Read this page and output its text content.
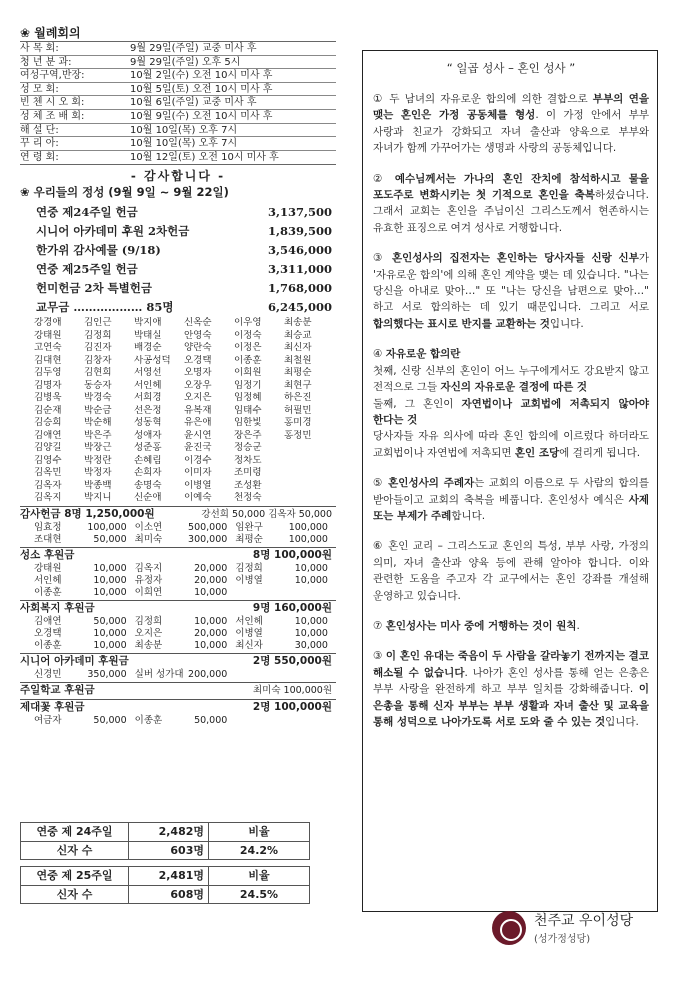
❀ 월례회의
사 목 회:	9월 29일(주일) 교중 미사 후
청 년 분 과:	9월 29일(주일) 오후 5시
여성구역,반장:	10월 2일(수) 오전 10시 미사 후
성 모 회:	10월 5일(토) 오전 10시 미사 후
빈 첸 시 오 회:	10월 6일(주일) 교중 미사 후
성 체 조 배 회:	10월 9일(수) 오전 10시 미사 후
해 설 단:	10월 10일(목) 오후 7시
꾸 리 아:	10월 10일(목) 오후 7시
연 령 회:	10월 12일(토) 오전 10시 미사 후
- 감사합니다 -
❀ 우리들의 정성 (9월 9일 ~ 9월 22일)
연중 제24주일 헌금	3,137,500
시니어 아카데미 후원 2차헌금	1,839,500
한가위 감사예물 (9/18)	3,546,000
연중 제25주일 헌금	3,311,000
헌미헌금 2차 특별헌금	1,768,000
교무금 ……………… 85명	6,245,000
강경애	김인근	박지애	신옥순	이우영	최송분
강태원	김정희	박태실	안영숙	이정숙	최승교
고연숙	김진자	배경순	양란숙	이정은	최신자
김대현	김창자	사공성덕	오경택	이종훈	최철원
김두영	김현희	서영선	오명자	이희원	최평순
김명자	동승자	서인헤	오장우	임정기	최현구
김병욱	박경숙	서희경	오지은	임정혜	하은진
김순재	박순금	선은정	유복재	임태수	허필민
김승희	박순해	성동혁	유은애	임한빛	홍미경
김애연	박은주	성애자	윤시연	장은주	홍정민
김양길	박장근	성준홍	윤진국	정승군
김영수	박정란	손혜림	이경수	정차도
김옥민	박정자	손희자	이미자	조미령
김옥자	박종백	송명숙	이병열	조성환
김옥지	박지니	신순애	이예숙	천정숙
감사헌금 8명 1,250,000원	강선희 50,000 김옥자 50,000
임효정	100,000 이소연	500,000 임완구	100,000
조대현	50,000 최미숙	300,000 최평순	100,000
성소 후원금	8명 100,000원
강태원	10,000 김옥지	20,000 김정희	10,000
서인헤	10,000 유정자	20,000 이병열	10,000
이종훈	10,000 이희연	10,000
사회복지 후원금	9명 160,000원
김애연	50,000 김정희	10,000 서인헤	10,000
오경택	10,000 오지은	20,000 이병열	10,000
이종훈	10,000 최송분	10,000 최신자	30,000
시니어 아카데미 후원금	2명 550,000원
신경민	350,000 실버 성가대 200,000
주일학교 후원금	최미숙 100,000원
제대꽃 후원금	2명 100,000원
여금자	50,000 이종훈	50,000
연중 제 24주일	2,482명	비율
신자 수	603명	24.2%
연중 제 25주일	2,481명	비율
신자 수	608명	24.5%
“ 일곱 성사 – 혼인 성사 ”
① 두 남녀의 자유로운 합의에 의한 결합으로 부부의 연을 맺는 혼인은 가정 공동체를 형성. 이 가정 안에서 부부 사랑과 친교가 강화되고 자녀 출산과 양육으로 부부와 자녀가 함께 가꾸어가는 생명과 사랑의 공동체입니다.
② 예수님께서는 가나의 혼인 잔치에 참석하시고 물을 포도주로 변화시키는 첫 기적으로 혼인을 축복하셨습니다. 그래서 교회는 혼인을 주님이신 그리스도께서 현존하시는 유효한 표징으로 여겨 성사로 거행합니다.
③ 혼인성사의 집전자는 혼인하는 당사자들 신랑 신부가 '자유로운 합의'에 의해 혼인 계약을 맺는 데 있습니다. "나는 당신을 아내로 맞아…" 또 "나는 당신을 남편으로 맞아…" 하고 서로 합의하는 데 있기 때문입니다. 그리고 서로 합의했다는 표시로 반지를 교환하는 것입니다.
④ 자유로운 합의란
첫째, 신랑 신부의 혼인이 어느 누구에게서도 강요받지 않고 전적으로 그들 자신의 자유로운 결정에 따른 것
둘째, 그 혼인이 자연법이나 교회법에 저촉되지 않아야 한다는 것
당사자들 자유 의사에 따라 혼인 합의에 이르렀다 하더라도 교회법이나 자연법에 저촉되면 혼인 조당에 걸리게 됩니다.
⑤ 혼인성사의 주례자는 교회의 이름으로 두 사람의 합의를 받아들이고 교회의 축복을 베풉니다. 혼인성사 예식은 사제 또는 부제가 주례합니다.
⑥ 혼인 교리 – 그리스도교 혼인의 특성, 부부 사랑, 가정의 의미, 자녀 출산과 양육 등에 관해 알아야 합니다. 이와 관련한 도움을 주고자 각 교구에서는 혼인 강좌를 개설해 운영하고 있습니다.
⑦ 혼인성사는 미사 중에 거행하는 것이 원칙.
③ 이 혼인 유대는 죽음이 두 사람을 갈라놓기 전까지는 결코 해소될 수 없습니다. 나아가 혼인 성사를 통해 얻는 은총은 부부 사랑을 완전하게 하고 부부 일치를 강화해줍니다. 이 은총을 통해 신자 부부는 부부 생활과 자녀 출산 및 교육을 통해 성덕으로 나아가도록 서로 도와 줄 수 있는 것입니다.
천주교 우이성당
(성가정성당)
